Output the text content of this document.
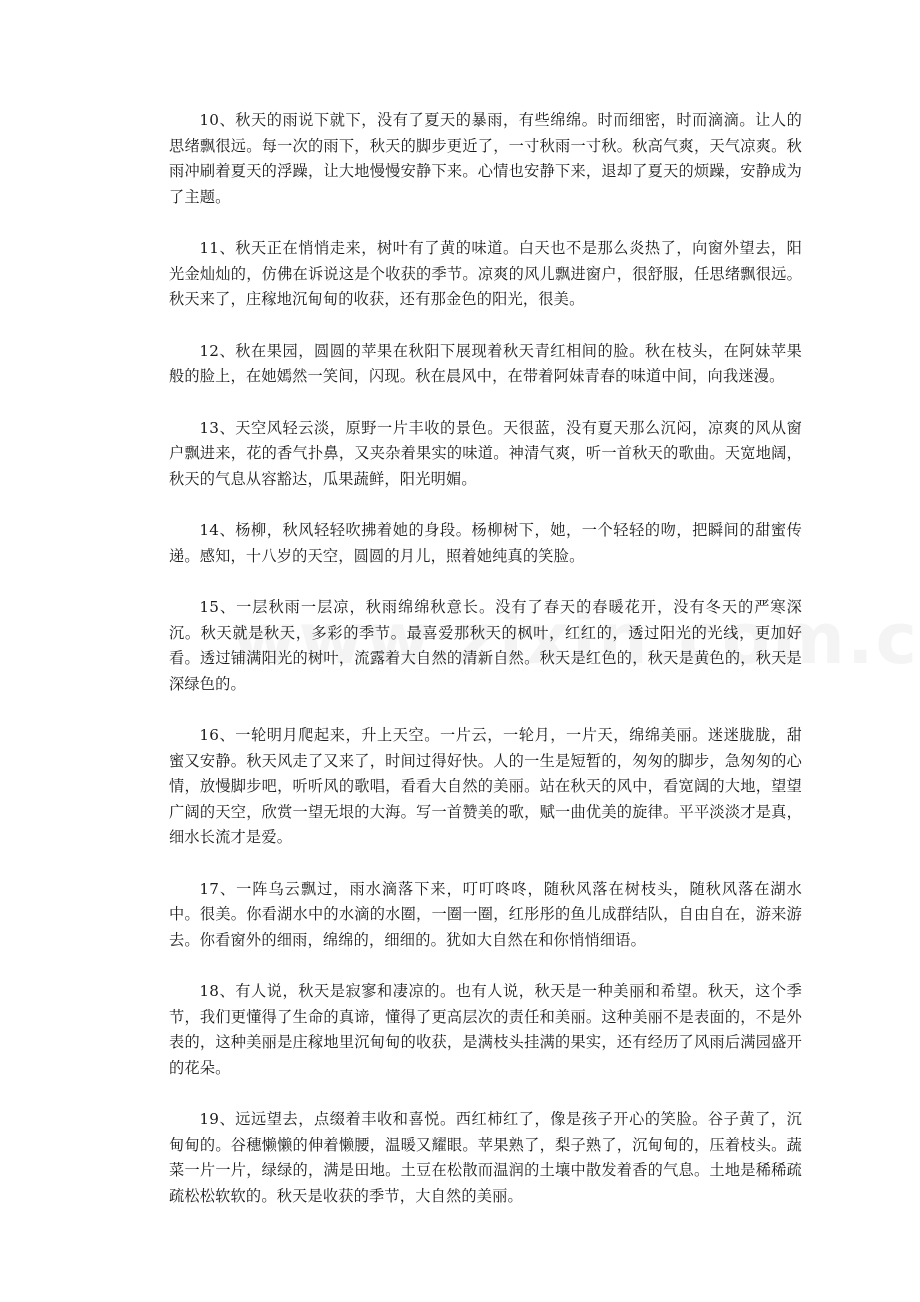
10、秋天的雨说下就下，没有了夏天的暴雨，有些绵绵。时而细密，时而滴滴。让人的思绪飘很远。每一次的雨下，秋天的脚步更近了，一寸秋雨一寸秋。秋高气爽，天气凉爽。秋雨冲刷着夏天的浮躁，让大地慢慢安静下来。心情也安静下来，退却了夏天的烦躁，安静成为了主题。

11、秋天正在悄悄走来，树叶有了黄的味道。白天也不是那么炎热了，向窗外望去，阳光金灿灿的，仿佛在诉说这是个收获的季节。凉爽的风儿飘进窗户，很舒服，任思绪飘很远。秋天来了，庄稼地沉甸甸的收获，还有那金色的阳光，很美。

12、秋在果园，圆圆的苹果在秋阳下展现着秋天青红相间的脸。秋在枝头，在阿妹苹果般的脸上，在她嫣然一笑间，闪现。秋在晨风中，在带着阿妹青春的味道中间，向我迷漫。

13、天空风轻云淡，原野一片丰收的景色。天很蓝，没有夏天那么沉闷，凉爽的风从窗户飘进来，花的香气扑鼻，又夹杂着果实的味道。神清气爽，听一首秋天的歌曲。天宽地阔，秋天的气息从容豁达，瓜果蔬鲜，阳光明媚。

14、杨柳，秋风轻轻吹拂着她的身段。杨柳树下，她，一个轻轻的吻，把瞬间的甜蜜传递。感知，十八岁的天空，圆圆的月儿，照着她纯真的笑脸。

15、一层秋雨一层凉，秋雨绵绵秋意长。没有了春天的春暖花开，没有冬天的严寒深沉。秋天就是秋天，多彩的季节。最喜爱那秋天的枫叶，红红的，透过阳光的光线，更加好看。透过铺满阳光的树叶，流露着大自然的清新自然。秋天是红色的，秋天是黄色的，秋天是深绿色的。

16、一轮明月爬起来，升上天空。一片云，一轮月，一片天，绵绵美丽。迷迷胧胧，甜蜜又安静。秋天风走了又来了，时间过得好快。人的一生是短暂的，匆匆的脚步，急匆匆的心情，放慢脚步吧，听听风的歌唱，看看大自然的美丽。站在秋天的风中，看宽阔的大地，望望广阔的天空，欣赏一望无垠的大海。写一首赞美的歌，赋一曲优美的旋律。平平淡淡才是真，细水长流才是爱。

17、一阵乌云飘过，雨水滴落下来，叮叮咚咚，随秋风落在树枝头，随秋风落在湖水中。很美。你看湖水中的水滴的水圈，一圈一圈，红彤彤的鱼儿成群结队，自由自在，游来游去。你看窗外的细雨，绵绵的，细细的。犹如大自然在和你悄悄细语。

18、有人说，秋天是寂寥和凄凉的。也有人说，秋天是一种美丽和希望。秋天，这个季节，我们更懂得了生命的真谛，懂得了更高层次的责任和美丽。这种美丽不是表面的，不是外表的，这种美丽是庄稼地里沉甸甸的收获，是满枝头挂满的果实，还有经历了风雨后满园盛开的花朵。

19、远远望去，点缀着丰收和喜悦。西红柿红了，像是孩子开心的笑脸。谷子黄了，沉甸甸的。谷穗懒懒的伸着懒腰，温暖又耀眼。苹果熟了，梨子熟了，沉甸甸的，压着枝头。蔬菜一片一片，绿绿的，满是田地。土豆在松散而温润的土壤中散发着香的气息。土地是稀稀疏疏松松软软的。秋天是收获的季节，大自然的美丽。
